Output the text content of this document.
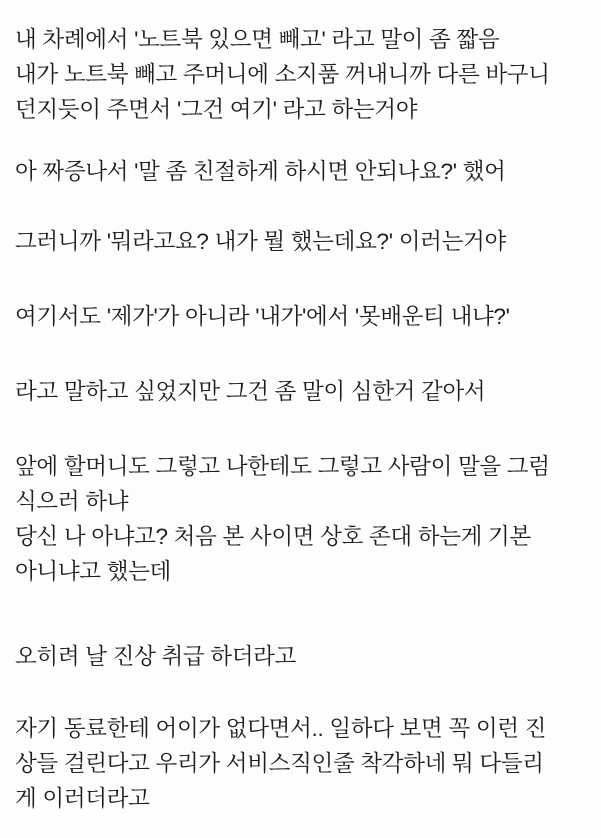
내 차례에서 '노트북 있으면 빼고' 라고 말이 좀 짧음
내가 노트북 빼고 주머니에 소지품 꺼내니까 다른 바구니
던지듯이 주면서 '그건 여기' 라고 하는거야
아 짜증나서 '말 좀 친절하게 하시면 안되나요?' 했어
그러니까 '뭐라고요? 내가 뭘 했는데요?' 이러는거야
여기서도 '제가'가 아니라 '내가'에서 '못배운티 내냐?'
라고 말하고 싶었지만 그건 좀 말이 심한거 같아서
앞에 할머니도 그렇고 나한테도 그렇고 사람이 말을 그럼
식으러 하냐
당신 나 아냐고? 처음 본 사이면 상호 존대 하는게 기본
아니냐고 했는데
오히려 날 진상 취급 하더라고
자기 동료한테 어이가 없다면서.. 일하다 보면 꼭 이런 진
상들 걸린다고 우리가 서비스직인줄 착각하네 뭐 다들리
게 이러더라고
